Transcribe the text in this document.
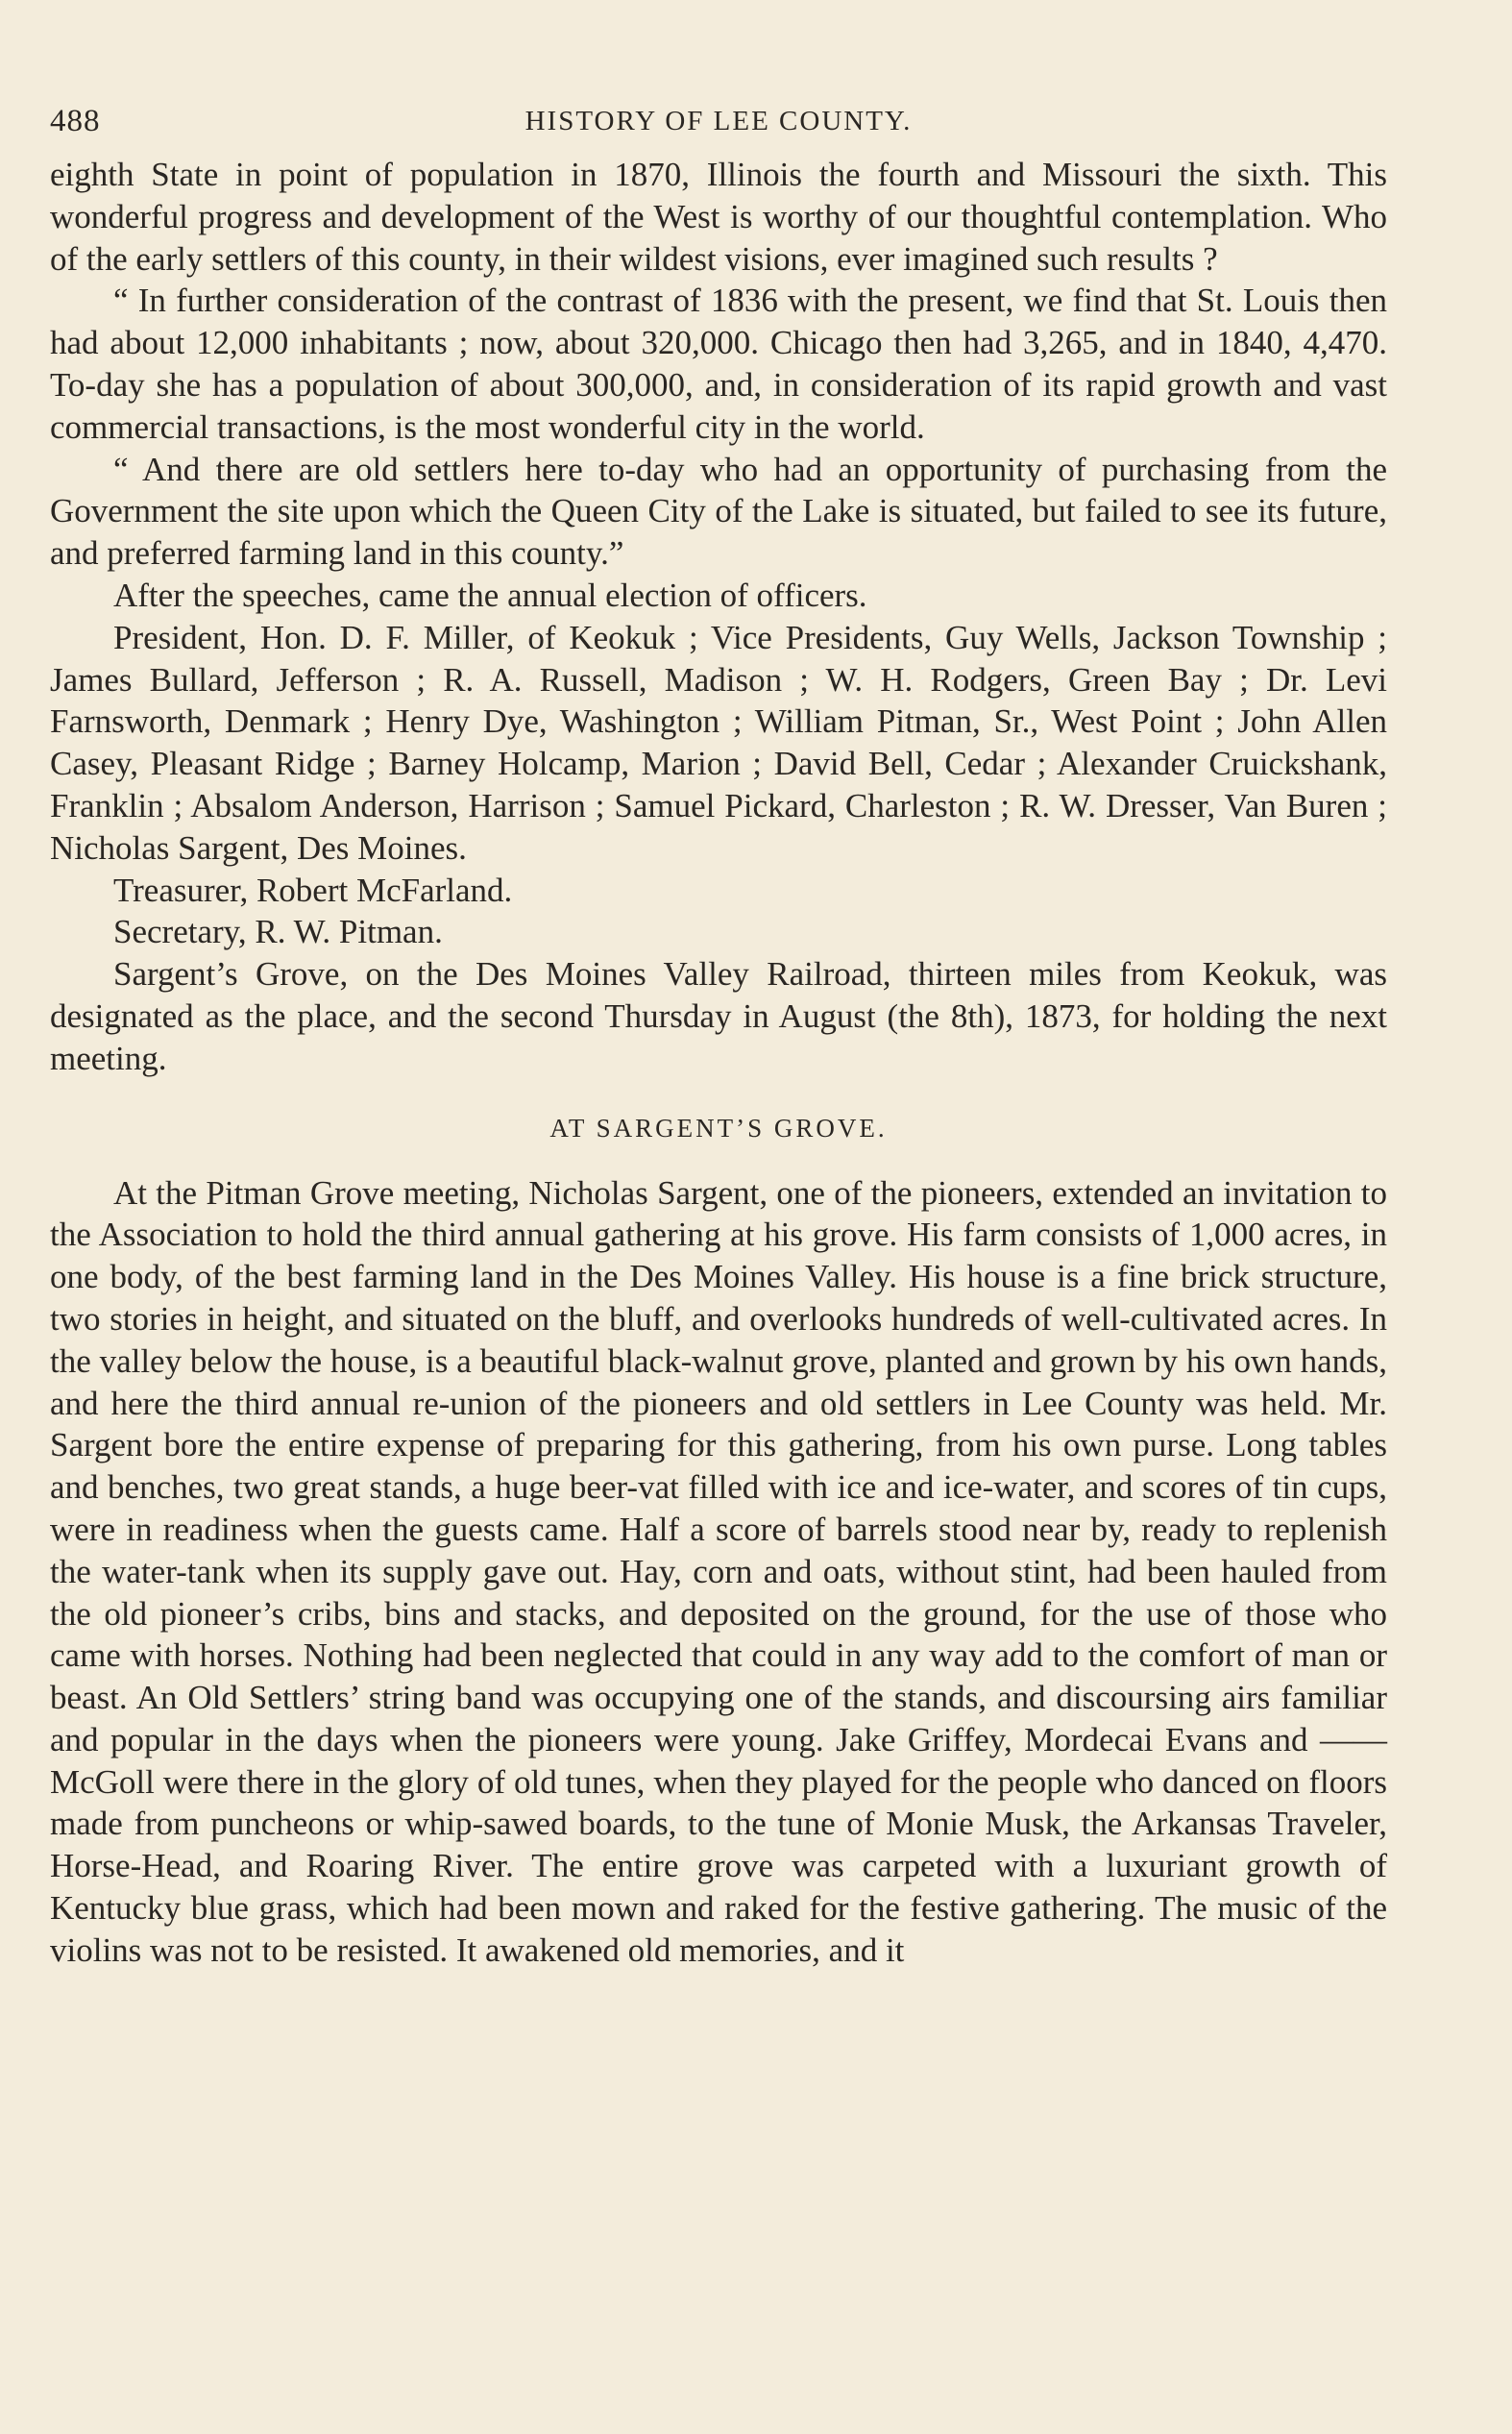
488	HISTORY OF LEE COUNTY.

eighth State in point of population in 1870, Illinois the fourth and Missouri the sixth. This wonderful progress and development of the West is worthy of our thoughtful contemplation. Who of the early settlers of this county, in their wildest visions, ever imagined such results ?

“ In further consideration of the contrast of 1836 with the present, we find that St. Louis then had about 12,000 inhabitants ; now, about 320,000. Chicago then had 3,265, and in 1840, 4,470. To-day she has a population of about 300,000, and, in consideration of its rapid growth and vast commercial transactions, is the most wonderful city in the world.

“ And there are old settlers here to-day who had an opportunity of purchasing from the Government the site upon which the Queen City of the Lake is situated, but failed to see its future, and preferred farming land in this county.”

After the speeches, came the annual election of officers.

President, Hon. D. F. Miller, of Keokuk ; Vice Presidents, Guy Wells, Jackson Township ; James Bullard, Jefferson ; R. A. Russell, Madison ; W. H. Rodgers, Green Bay ; Dr. Levi Farnsworth, Denmark ; Henry Dye, Washington ; William Pitman, Sr., West Point ; John Allen Casey, Pleasant Ridge ; Barney Holcamp, Marion ; David Bell, Cedar ; Alexander Cruickshank, Franklin ; Absalom Anderson, Harrison ; Samuel Pickard, Charleston ; R. W. Dresser, Van Buren ; Nicholas Sargent, Des Moines.

Treasurer, Robert McFarland.

Secretary, R. W. Pitman.

Sargent’s Grove, on the Des Moines Valley Railroad, thirteen miles from Keokuk, was designated as the place, and the second Thursday in August (the 8th), 1873, for holding the next meeting.

AT SARGENT’S GROVE.

At the Pitman Grove meeting, Nicholas Sargent, one of the pioneers, extended an invitation to the Association to hold the third annual gathering at his grove. His farm consists of 1,000 acres, in one body, of the best farming land in the Des Moines Valley. His house is a fine brick structure, two stories in height, and situated on the bluff, and overlooks hundreds of well-cultivated acres. In the valley below the house, is a beautiful black-walnut grove, planted and grown by his own hands, and here the third annual re-union of the pioneers and old settlers in Lee County was held. Mr. Sargent bore the entire expense of preparing for this gathering, from his own purse. Long tables and benches, two great stands, a huge beer-vat filled with ice and ice-water, and scores of tin cups, were in readiness when the guests came. Half a score of barrels stood near by, ready to replenish the water-tank when its supply gave out. Hay, corn and oats, without stint, had been hauled from the old pioneer’s cribs, bins and stacks, and deposited on the ground, for the use of those who came with horses. Nothing had been neglected that could in any way add to the comfort of man or beast. An Old Settlers’ string band was occupying one of the stands, and discoursing airs familiar and popular in the days when the pioneers were young. Jake Griffey, Mordecai Evans and —— McGoll were there in the glory of old tunes, when they played for the people who danced on floors made from puncheons or whip-sawed boards, to the tune of Monie Musk, the Arkansas Traveler, Horse-Head, and Roaring River. The entire grove was carpeted with a luxuriant growth of Kentucky blue grass, which had been mown and raked for the festive gathering. The music of the violins was not to be resisted. It awakened old memories, and it
